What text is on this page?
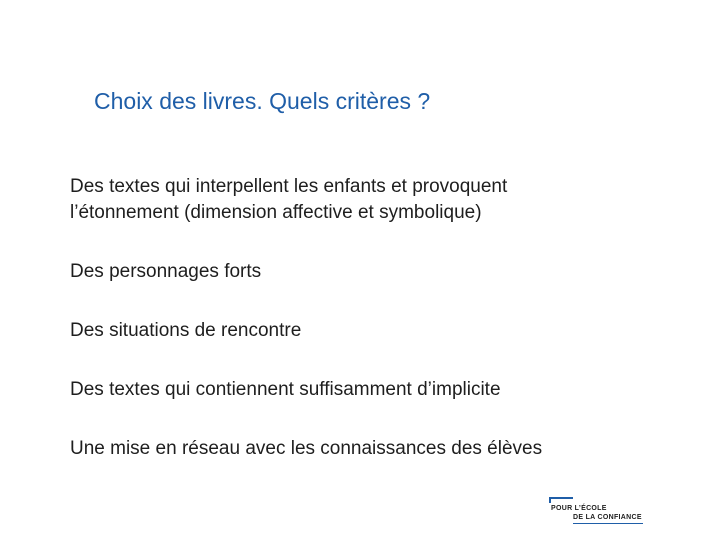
Choix des livres. Quels critères ?
Des textes qui interpellent les enfants et provoquent
l’étonnement (dimension affective et symbolique)
Des personnages forts
Des situations de rencontre
Des textes qui contiennent suffisamment d’implicite
Une mise en réseau avec les connaissances des élèves
POUR L’ÉCOLE
DE LA CONFIANCE
